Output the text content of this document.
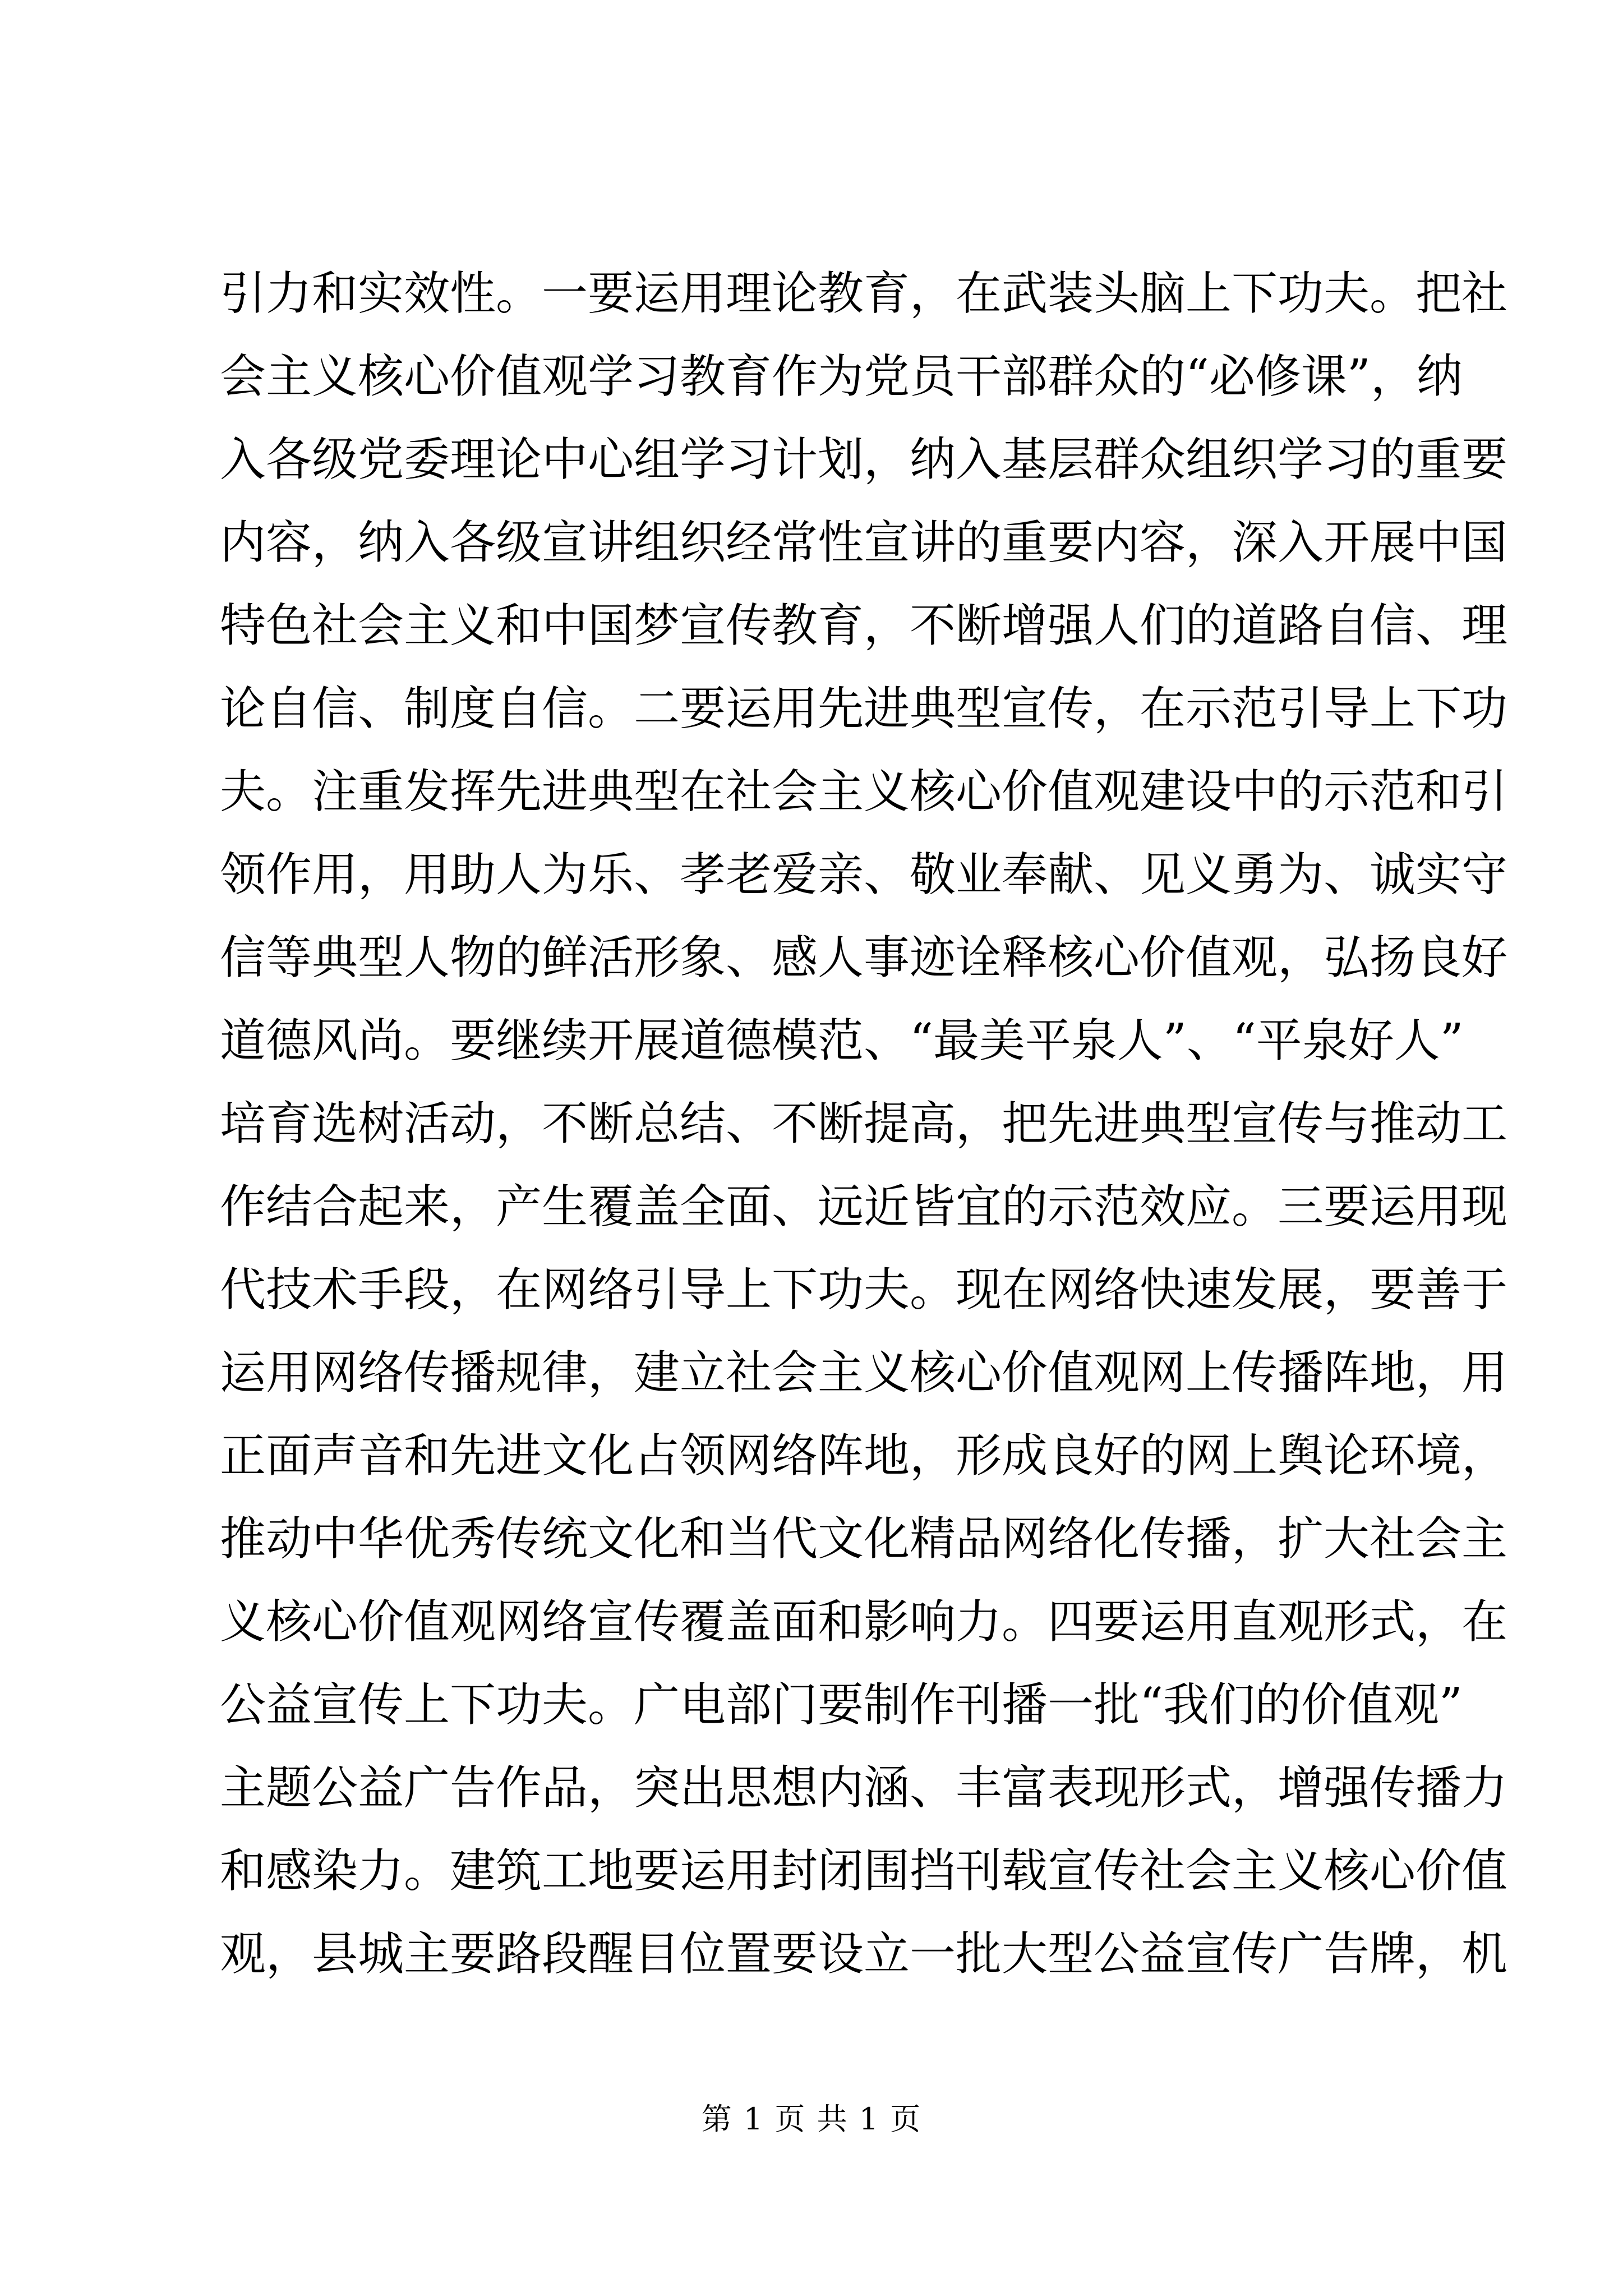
引力和实效性。一要运用理论教育，在武装头脑上下功夫。把社
会主义核心价值观学习教育作为党员干部群众的“必修课”，纳
入各级党委理论中心组学习计划，纳入基层群众组织学习的重要
内容，纳入各级宣讲组织经常性宣讲的重要内容，深入开展中国
特色社会主义和中国梦宣传教育，不断增强人们的道路自信、理
论自信、制度自信。二要运用先进典型宣传，在示范引导上下功
夫。注重发挥先进典型在社会主义核心价值观建设中的示范和引
领作用，用助人为乐、孝老爱亲、敬业奉献、见义勇为、诚实守
信等典型人物的鲜活形象、感人事迹诠释核心价值观，弘扬良好
道德风尚。要继续开展道德模范、“最美平泉人”、“平泉好人”
培育选树活动，不断总结、不断提高，把先进典型宣传与推动工
作结合起来，产生覆盖全面、远近皆宜的示范效应。三要运用现
代技术手段，在网络引导上下功夫。现在网络快速发展，要善于
运用网络传播规律，建立社会主义核心价值观网上传播阵地，用
正面声音和先进文化占领网络阵地，形成良好的网上舆论环境，
推动中华优秀传统文化和当代文化精品网络化传播，扩大社会主
义核心价值观网络宣传覆盖面和影响力。四要运用直观形式，在
公益宣传上下功夫。广电部门要制作刊播一批“我们的价值观”
主题公益广告作品，突出思想内涵、丰富表现形式，增强传播力
和感染力。建筑工地要运用封闭围挡刊载宣传社会主义核心价值
观，县城主要路段醒目位置要设立一批大型公益宣传广告牌，机
第 1 页 共 1 页
